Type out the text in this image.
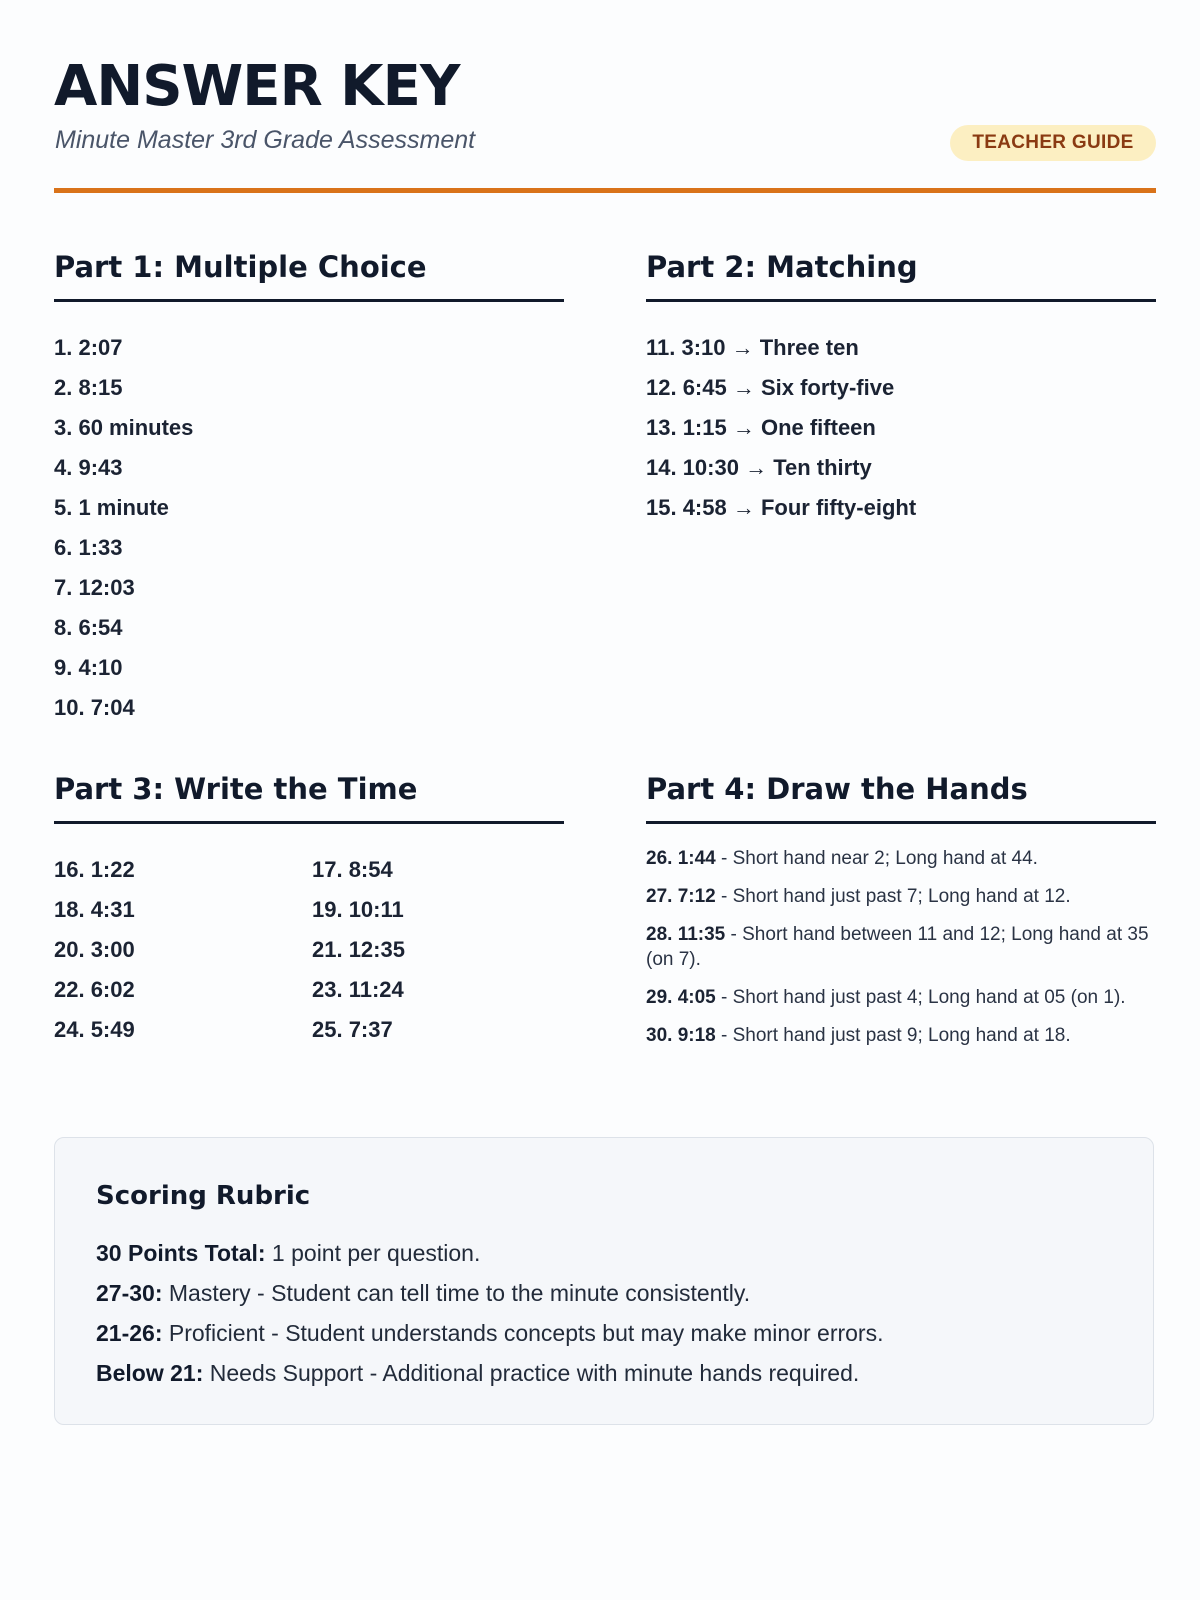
ANSWER KEY
Minute Master 3rd Grade Assessment	TEACHER GUIDE
Part 1: Multiple Choice
1. 2:07
2. 8:15
3. 60 minutes
4. 9:43
5. 1 minute
6. 1:33
7. 12:03
8. 6:54
9. 4:10
10. 7:04
Part 2: Matching
11. 3:10 → Three ten
12. 6:45 → Six forty-five
13. 1:15 → One fifteen
14. 10:30 → Ten thirty
15. 4:58 → Four fifty-eight
Part 3: Write the Time
16. 1:22	17. 8:54
18. 4:31	19. 10:11
20. 3:00	21. 12:35
22. 6:02	23. 11:24
24. 5:49	25. 7:37
Part 4: Draw the Hands
26. 1:44 - Short hand near 2; Long hand at 44.
27. 7:12 - Short hand just past 7; Long hand at 12.
28. 11:35 - Short hand between 11 and 12; Long hand at 35 (on 7).
29. 4:05 - Short hand just past 4; Long hand at 05 (on 1).
30. 9:18 - Short hand just past 9; Long hand at 18.
Scoring Rubric
30 Points Total: 1 point per question.
27-30: Mastery - Student can tell time to the minute consistently.
21-26: Proficient - Student understands concepts but may make minor errors.
Below 21: Needs Support - Additional practice with minute hands required.
